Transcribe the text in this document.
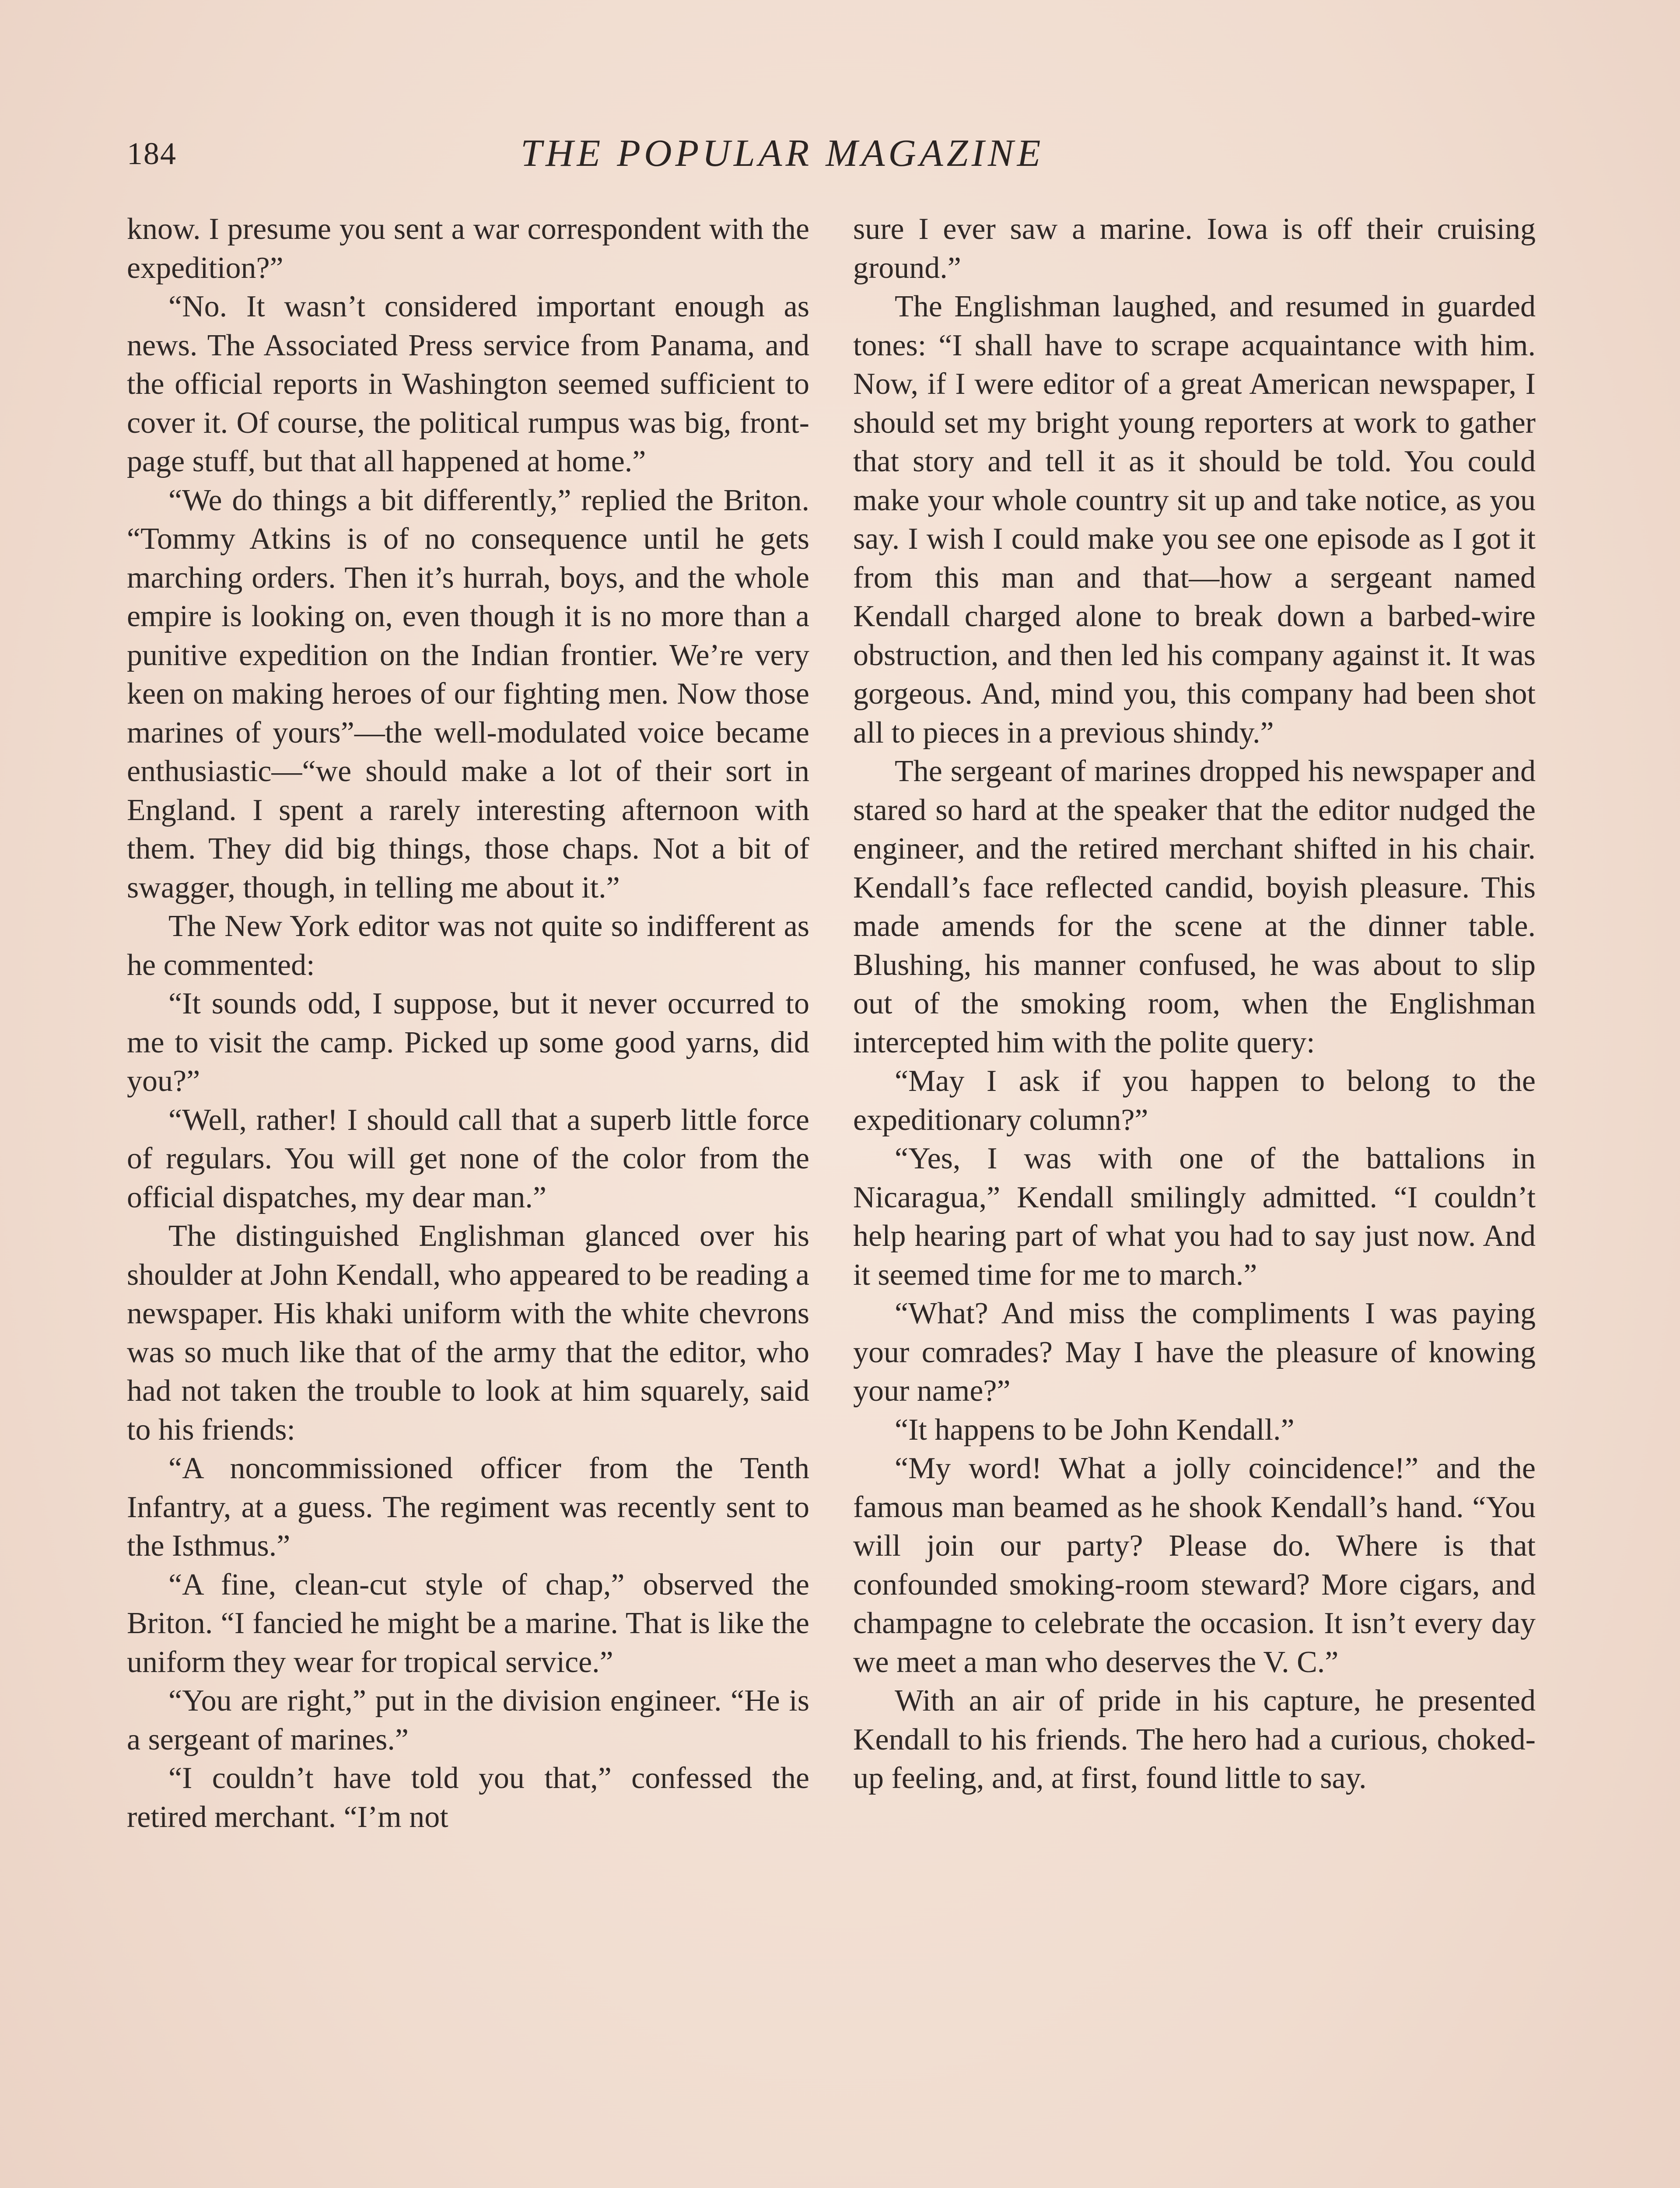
184	THE POPULAR MAGAZINE

know. I presume you sent a war correspondent with the expedition?”

“No. It wasn’t considered important enough as news. The Associated Press service from Panama, and the official reports in Washington seemed sufficient to cover it. Of course, the political rumpus was big, front-page stuff, but that all happened at home.”

“We do things a bit differently,” replied the Briton. “Tommy Atkins is of no consequence until he gets marching orders. Then it’s hurrah, boys, and the whole empire is looking on, even though it is no more than a punitive expedition on the Indian frontier. We’re very keen on making heroes of our fighting men. Now those marines of yours”—the well-modulated voice became enthusiastic—“we should make a lot of their sort in England. I spent a rarely interesting afternoon with them. They did big things, those chaps. Not a bit of swagger, though, in telling me about it.”

The New York editor was not quite so indifferent as he commented:

“It sounds odd, I suppose, but it never occurred to me to visit the camp. Picked up some good yarns, did you?”

“Well, rather! I should call that a superb little force of regulars. You will get none of the color from the official dispatches, my dear man.”

The distinguished Englishman glanced over his shoulder at John Kendall, who appeared to be reading a newspaper. His khaki uniform with the white chevrons was so much like that of the army that the editor, who had not taken the trouble to look at him squarely, said to his friends:

“A noncommissioned officer from the Tenth Infantry, at a guess. The regiment was recently sent to the Isthmus.”

“A fine, clean-cut style of chap,” observed the Briton. “I fancied he might be a marine. That is like the uniform they wear for tropical service.”

“You are right,” put in the division engineer. “He is a sergeant of marines.”

“I couldn’t have told you that,” confessed the retired merchant. “I’m not

sure I ever saw a marine. Iowa is off their cruising ground.”

The Englishman laughed, and resumed in guarded tones: “I shall have to scrape acquaintance with him. Now, if I were editor of a great American newspaper, I should set my bright young reporters at work to gather that story and tell it as it should be told. You could make your whole country sit up and take notice, as you say. I wish I could make you see one episode as I got it from this man and that—how a sergeant named Kendall charged alone to break down a barbed-wire obstruction, and then led his company against it. It was gorgeous. And, mind you, this company had been shot all to pieces in a previous shindy.”

The sergeant of marines dropped his newspaper and stared so hard at the speaker that the editor nudged the engineer, and the retired merchant shifted in his chair. Kendall’s face reflected candid, boyish pleasure. This made amends for the scene at the dinner table. Blushing, his manner confused, he was about to slip out of the smoking room, when the Englishman intercepted him with the polite query:

“May I ask if you happen to belong to the expeditionary column?”

“Yes, I was with one of the battalions in Nicaragua,” Kendall smilingly admitted. “I couldn’t help hearing part of what you had to say just now. And it seemed time for me to march.”

“What? And miss the compliments I was paying your comrades? May I have the pleasure of knowing your name?”

“It happens to be John Kendall.”

“My word! What a jolly coincidence!” and the famous man beamed as he shook Kendall’s hand. “You will join our party? Please do. Where is that confounded smoking-room steward? More cigars, and champagne to celebrate the occasion. It isn’t every day we meet a man who deserves the V. C.”

With an air of pride in his capture, he presented Kendall to his friends. The hero had a curious, choked-up feeling, and, at first, found little to say.
